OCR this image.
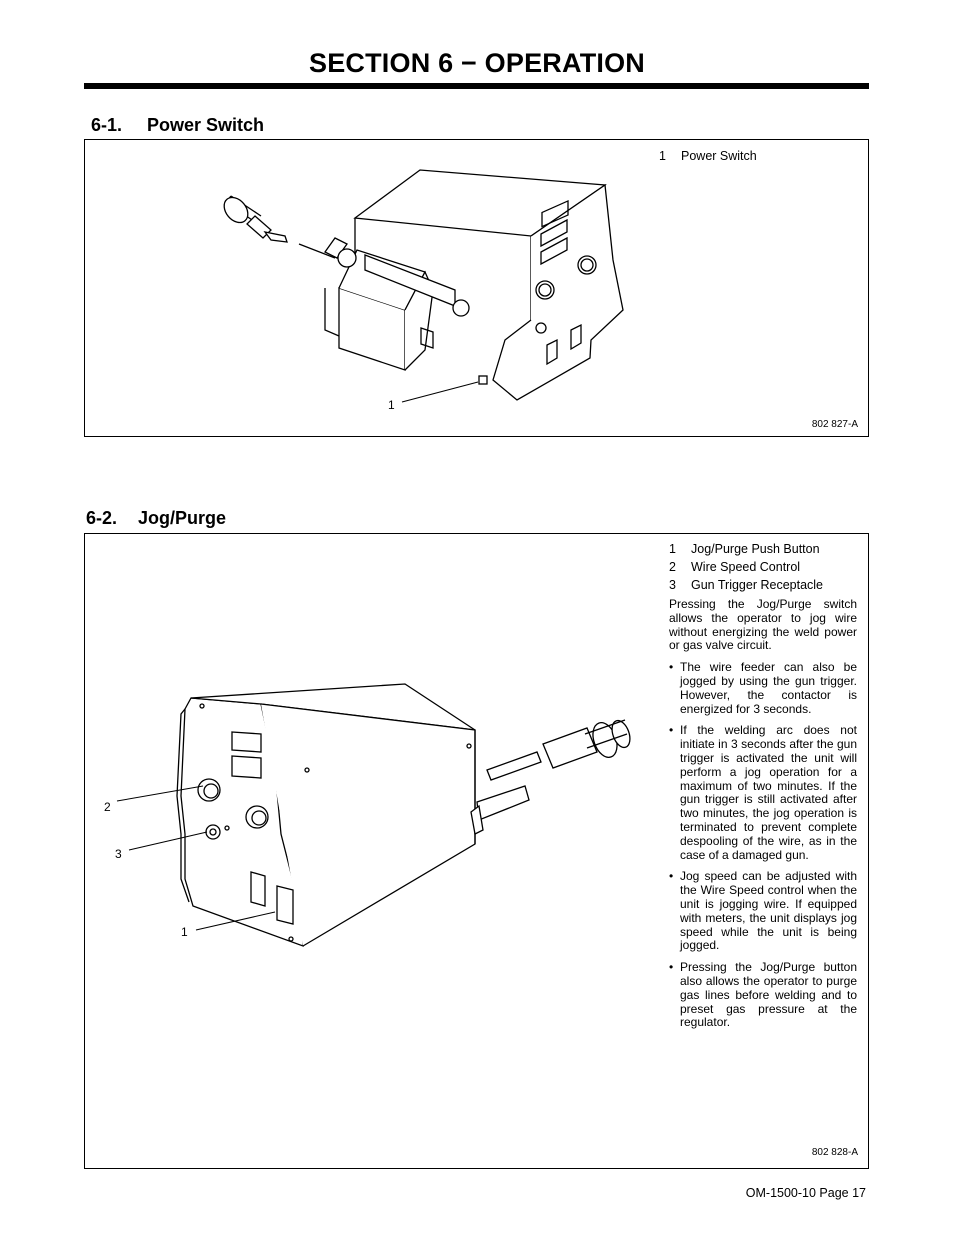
SECTION 6 − OPERATION
6-1. Power Switch
1 Power Switch
1
802 827-A
6-2. Jog/Purge
1 Jog/Purge Push Button
2 Wire Speed Control
3 Gun Trigger Receptacle

Pressing the Jog/Purge switch allows the operator to jog wire without energizing the weld power or gas valve circuit.

• The wire feeder can also be jogged by using the gun trigger. However, the contactor is energized for 3 seconds.
• If the welding arc does not initiate in 3 seconds after the gun trigger is activated the unit will perform a jog operation for a maximum of two minutes. If the gun trigger is still activated after two minutes, the jog operation is terminated to prevent complete despooling of the wire, as in the case of a damaged gun.
• Jog speed can be adjusted with the Wire Speed control when the unit is jogging wire. If equipped with meters, the unit displays jog speed while the unit is being jogged.
• Pressing the Jog/Purge button also allows the operator to purge gas lines before welding and to preset gas pressure at the regulator.
2
3
1
802 828-A
OM-1500-10 Page 17
